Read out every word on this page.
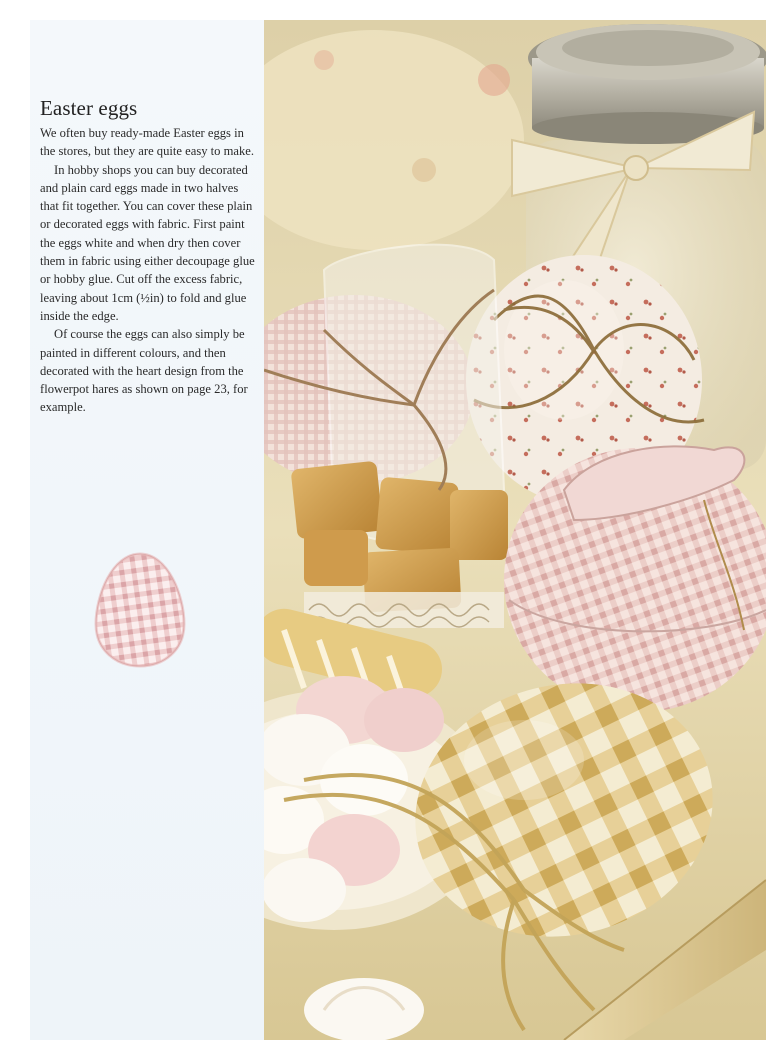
Easter eggs

We often buy ready-made Easter eggs in the stores, but they are quite easy to make.

In hobby shops you can buy decorated and plain card eggs made in two halves that fit together. You can cover these plain or decorated eggs with fabric. First paint the eggs white and when dry then cover them in fabric using either decoupage glue or hobby glue. Cut off the excess fabric, leaving about 1cm (½in) to fold and glue inside the edge.

Of course the eggs can also simply be painted in different colours, and then decorated with the heart design from the flowerpot hares as shown on page 23, for example.
